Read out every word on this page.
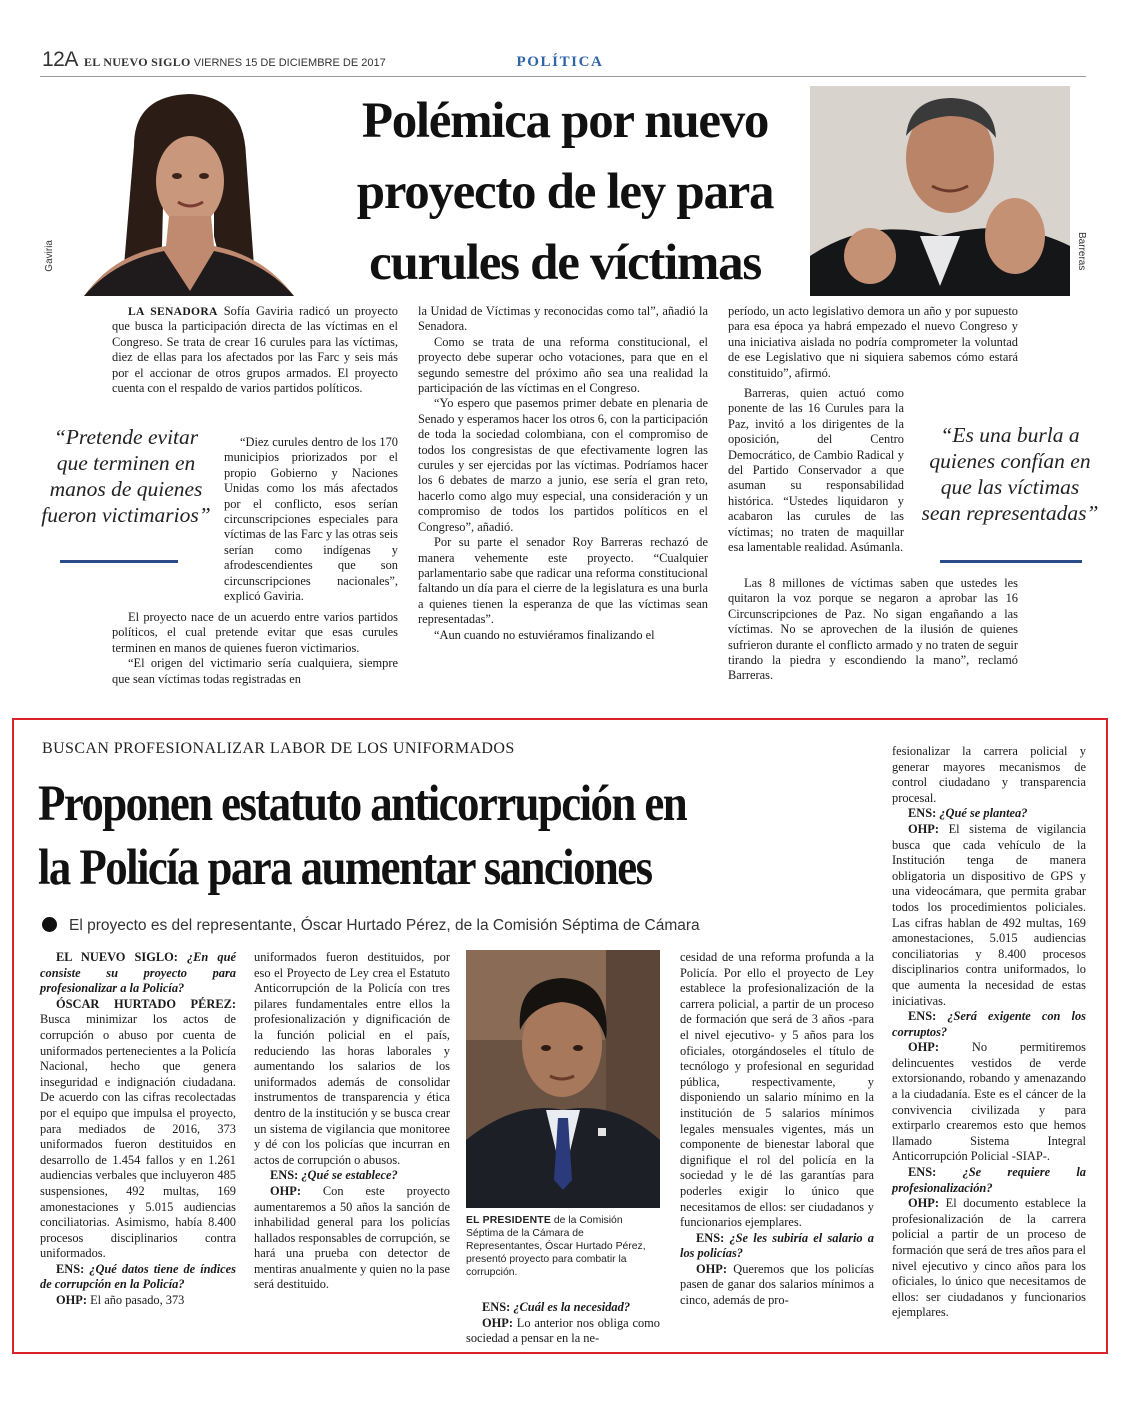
12A EL NUEVO SIGLO VIERNES 15 DE DICIEMBRE DE 2017	POLÍTICA
Gaviria
Polémica por nuevo
proyecto de ley para
curules de víctimas	Barreras

LA SENADORA Sofía Gaviria radicó un proyecto que busca la participación directa de las víctimas en el Congreso. Se trata de crear 16 curules para las víctimas, diez de ellas para los afectados por las Farc y seis más por el accionar de otros grupos armados. El proyecto cuenta con el respaldo de varios partidos políticos.

“Diez curules dentro de los 170 municipios priorizados por el propio Gobierno y Naciones Unidas como los más afectados por el conflicto, esos serían circunscripciones especiales para víctimas de las Farc y las otras seis serían como indígenas y afrodescendientes que son circunscripciones nacionales”, explicó Gaviria.

El proyecto nace de un acuerdo entre varios partidos políticos, el cual pretende evitar que esas curules terminen en manos de quienes fueron victimarios.

“El origen del victimario sería cualquiera, siempre que sean víctimas todas registradas en

“Pretende evitar que terminen en manos de quienes fueron victimarios”

la Unidad de Víctimas y reconocidas como tal”, añadió la Senadora.

Como se trata de una reforma constitucional, el proyecto debe superar ocho votaciones, para que en el segundo semestre del próximo año sea una realidad la participación de las víctimas en el Congreso.

“Yo espero que pasemos primer debate en plenaria de Senado y esperamos hacer los otros 6, con la participación de toda la sociedad colombiana, con el compromiso de todos los congresistas de que efectivamente logren las curules y ser ejercidas por las víctimas. Podríamos hacer los 6 debates de marzo a junio, ese sería el gran reto, hacerlo como algo muy especial, una consideración y un compromiso de todos los partidos políticos en el Congreso”, añadió.

Por su parte el senador Roy Barreras rechazó de manera vehemente este proyecto. “Cualquier parlamentario sabe que radicar una reforma constitucional faltando un día para el cierre de la legislatura es una burla a quienes tienen la esperanza de que las víctimas sean representadas”.

“Aun cuando no estuviéramos finalizando el

período, un acto legislativo demora un año y por supuesto para esa época ya habrá empezado el nuevo Congreso y una iniciativa aislada no podría comprometer la voluntad de ese Legislativo que ni siquiera sabemos cómo estará constituido”, afirmó.

Barreras, quien actuó como ponente de las 16 Curules para la Paz, invitó a los dirigentes de la oposición, del Centro Democrático, de Cambio Radical y del Partido Conservador a que asuman su responsabilidad histórica. “Ustedes liquidaron y acabaron las curules de las víctimas; no traten de maquillar esa lamentable realidad. Asúmanla.

Las 8 millones de víctimas saben que ustedes les quitaron la voz porque se negaron a aprobar las 16 Circunscripciones de Paz. No sigan engañando a las víctimas. No se aprovechen de la ilusión de quienes sufrieron durante el conflicto armado y no traten de seguir tirando la piedra y escondiendo la mano”, reclamó Barreras.

“Es una burla a quienes confían en que las víctimas sean representadas”
BUSCAN PROFESIONALIZAR LABOR DE LOS UNIFORMADOS
Proponen estatuto anticorrupción en
la Policía para aumentar sanciones
El proyecto es del representante, Óscar Hurtado Pérez, de la Comisión Séptima de Cámara

EL NUEVO SIGLO: ¿En qué consiste su proyecto para profesionalizar a la Policía?

ÓSCAR HURTADO PÉREZ: Busca minimizar los actos de corrupción o abuso por cuenta de uniformados pertenecientes a la Policía Nacional, hecho que genera inseguridad e indignación ciudadana. De acuerdo con las cifras recolectadas por el equipo que impulsa el proyecto, para mediados de 2016, 373 uniformados fueron destituidos en desarrollo de 1.454 fallos y en 1.261 audiencias verbales que incluyeron 485 suspensiones, 492 multas, 169 amonestaciones y 5.015 audiencias conciliatorias. Asimismo, había 8.400 procesos disciplinarios contra uniformados.

ENS: ¿Qué datos tiene de índices de corrupción en la Policía?

OHP: El año pasado, 373

uniformados fueron destituidos, por eso el Proyecto de Ley crea el Estatuto Anticorrupción de la Policía con tres pilares fundamentales entre ellos la profesionalización y dignificación de la función policial en el país, reduciendo las horas laborales y aumentando los salarios de los uniformados además de consolidar instrumentos de transparencia y ética dentro de la institución y se busca crear un sistema de vigilancia que monitoree y dé con los policías que incurran en actos de corrupción o abusos.

ENS: ¿Qué se establece?

OHP: Con este proyecto aumentaremos a 50 años la sanción de inhabilidad general para los policías hallados responsables de corrupción, se hará una prueba con detector de mentiras anualmente y quien no la pase será destituido.

EL PRESIDENTE de la Comisión Séptima de la Cámara de Representantes, Óscar Hurtado Pérez, presentó proyecto para combatir la corrupción.

ENS: ¿Cuál es la necesidad?

OHP: Lo anterior nos obliga como sociedad a pensar en la ne-

cesidad de una reforma profunda a la Policía. Por ello el proyecto de Ley establece la profesionalización de la carrera policial, a partir de un proceso de formación que será de 3 años -para el nivel ejecutivo- y 5 años para los oficiales, otorgándoseles el título de tecnólogo y profesional en seguridad pública, respectivamente, y disponiendo un salario mínimo en la institución de 5 salarios mínimos legales mensuales vigentes, más un componente de bienestar laboral que dignifique el rol del policía en la sociedad y le dé las garantías para poderles exigir lo único que necesitamos de ellos: ser ciudadanos y funcionarios ejemplares.

ENS: ¿Se les subiría el salario a los policías?

OHP: Queremos que los policías pasen de ganar dos salarios mínimos a cinco, además de pro-

fesionalizar la carrera policial y generar mayores mecanismos de control ciudadano y transparencia procesal.

ENS: ¿Qué se plantea?

OHP: El sistema de vigilancia busca que cada vehículo de la Institución tenga de manera obligatoria un dispositivo de GPS y una videocámara, que permita grabar todos los procedimientos policiales. Las cifras hablan de 492 multas, 169 amonestaciones, 5.015 audiencias conciliatorias y 8.400 procesos disciplinarios contra uniformados, lo que aumenta la necesidad de estas iniciativas.

ENS: ¿Será exigente con los corruptos?

OHP:	No permitiremos delincuentes vestidos de verde extorsionando, robando y amenazando a la ciudadanía. Este es el cáncer de la convivencia civilizada y para extirparlo crearemos esto que hemos llamado Sistema Integral Anticorrupción Policial -SIAP-.

ENS: ¿Se requiere la profesionalización?

OHP: El documento establece la profesionalización de la carrera policial a partir de un proceso de formación que será de tres años para el nivel ejecutivo y cinco años para los oficiales, lo único que necesitamos de ellos: ser ciudadanos y funcionarios ejemplares.
